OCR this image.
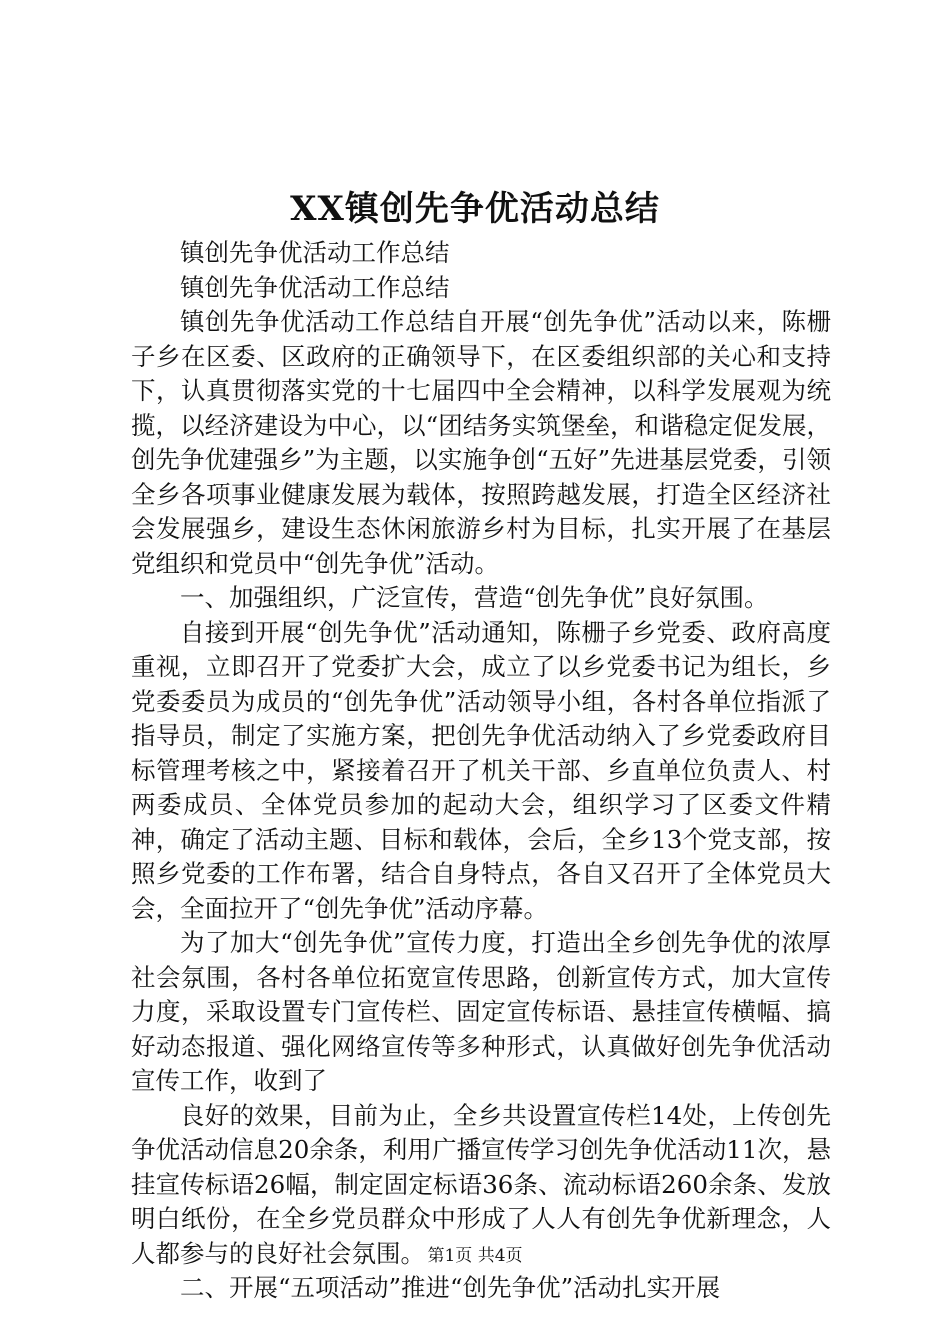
XX镇创先争优活动总结

镇创先争优活动工作总结

镇创先争优活动工作总结

镇创先争优活动工作总结自开展“创先争优”活动以来，陈栅子乡在区委、区政府的正确领导下，在区委组织部的关心和支持下，认真贯彻落实党的十七届四中全会精神，以科学发展观为统揽，以经济建设为中心，以“团结务实筑堡垒，和谐稳定促发展，创先争优建强乡”为主题，以实施争创“五好”先进基层党委，引领全乡各项事业健康发展为载体，按照跨越发展，打造全区经济社会发展强乡，建设生态休闲旅游乡村为目标，扎实开展了在基层党组织和党员中“创先争优”活动。

一、加强组织，广泛宣传，营造“创先争优”良好氛围。

自接到开展“创先争优”活动通知，陈栅子乡党委、政府高度重视，立即召开了党委扩大会，成立了以乡党委书记为组长，乡党委委员为成员的“创先争优”活动领导小组，各村各单位指派了指导员，制定了实施方案，把创先争优活动纳入了乡党委政府目标管理考核之中，紧接着召开了机关干部、乡直单位负责人、村两委成员、全体党员参加的起动大会，组织学习了区委文件精神，确定了活动主题、目标和载体，会后，全乡13个党支部，按照乡党委的工作布署，结合自身特点，各自又召开了全体党员大会，全面拉开了“创先争优”活动序幕。

为了加大“创先争优”宣传力度，打造出全乡创先争优的浓厚社会氛围，各村各单位拓宽宣传思路，创新宣传方式，加大宣传力度，采取设置专门宣传栏、固定宣传标语、悬挂宣传横幅、搞好动态报道、强化网络宣传等多种形式，认真做好创先争优活动宣传工作，收到了

良好的效果，目前为止，全乡共设置宣传栏14处，上传创先争优活动信息20余条，利用广播宣传学习创先争优活动11次，悬挂宣传标语26幅，制定固定标语36条、流动标语260余条、发放明白纸份，在全乡党员群众中形成了人人有创先争优新理念，人人都参与的良好社会氛围。

二、开展“五项活动”推进“创先争优”活动扎实开展

第1页 共4页
